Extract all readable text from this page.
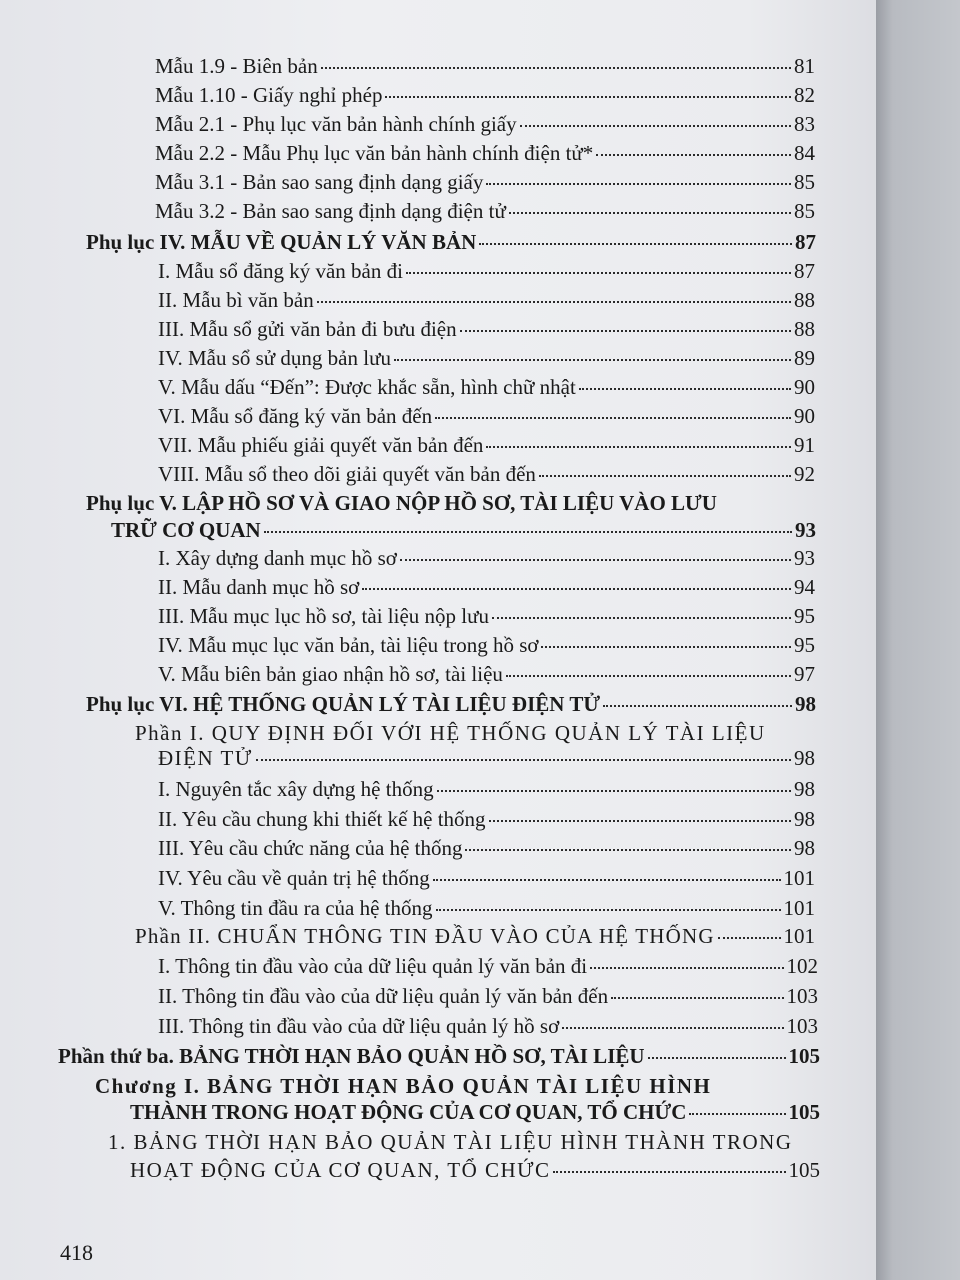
Mẫu 1.9 - Biên bản	81
Mẫu 1.10 - Giấy nghỉ phép	82
Mẫu 2.1 - Phụ lục văn bản hành chính giấy	83
Mẫu 2.2 - Mẫu Phụ lục văn bản hành chính điện tử*	84
Mẫu 3.1 - Bản sao sang định dạng giấy	85
Mẫu 3.2 - Bản sao sang định dạng điện tử	85
Phụ lục IV. MẪU VỀ QUẢN LÝ VĂN BẢN	87
I. Mẫu sổ đăng ký văn bản đi	87
II. Mẫu bì văn bản	88
III. Mẫu sổ gửi văn bản đi bưu điện	88
IV. Mẫu sổ sử dụng bản lưu	89
V. Mẫu dấu “Đến”: Được khắc sẵn, hình chữ nhật	90
VI. Mẫu sổ đăng ký văn bản đến	90
VII. Mẫu phiếu giải quyết văn bản đến	91
VIII. Mẫu sổ theo dõi giải quyết văn bản đến	92
Phụ lục V. LẬP HỒ SƠ VÀ GIAO NỘP HỒ SƠ, TÀI LIỆU VÀO LƯU
TRỮ CƠ QUAN	93
I. Xây dựng danh mục hồ sơ	93
II. Mẫu danh mục hồ sơ	94
III. Mẫu mục lục hồ sơ, tài liệu nộp lưu	95
IV. Mẫu mục lục văn bản, tài liệu trong hồ sơ	95
V. Mẫu biên bản giao nhận hồ sơ, tài liệu	97
Phụ lục VI. HỆ THỐNG QUẢN LÝ TÀI LIỆU ĐIỆN TỬ	98
Phần I. QUY ĐỊNH ĐỐI VỚI HỆ THỐNG QUẢN LÝ TÀI LIỆU
ĐIỆN TỬ	98
I. Nguyên tắc xây dựng hệ thống	98
II. Yêu cầu chung khi thiết kế hệ thống	98
III. Yêu cầu chức năng của hệ thống	98
IV. Yêu cầu về quản trị hệ thống	101
V. Thông tin đầu ra của hệ thống	101
Phần II. CHUẨN THÔNG TIN ĐẦU VÀO CỦA HỆ THỐNG	101
I. Thông tin đầu vào của dữ liệu quản lý văn bản đi	102
II. Thông tin đầu vào của dữ liệu quản lý văn bản đến	103
III. Thông tin đầu vào của dữ liệu quản lý hồ sơ	103
Phần thứ ba. BẢNG THỜI HẠN BẢO QUẢN HỒ SƠ, TÀI LIỆU	105
Chương I. BẢNG THỜI HẠN BẢO QUẢN TÀI LIỆU HÌNH
THÀNH TRONG HOẠT ĐỘNG CỦA CƠ QUAN, TỔ CHỨC	105
1. BẢNG THỜI HẠN BẢO QUẢN TÀI LIỆU HÌNH THÀNH TRONG
HOẠT ĐỘNG CỦA CƠ QUAN, TỔ CHỨC	105
418
